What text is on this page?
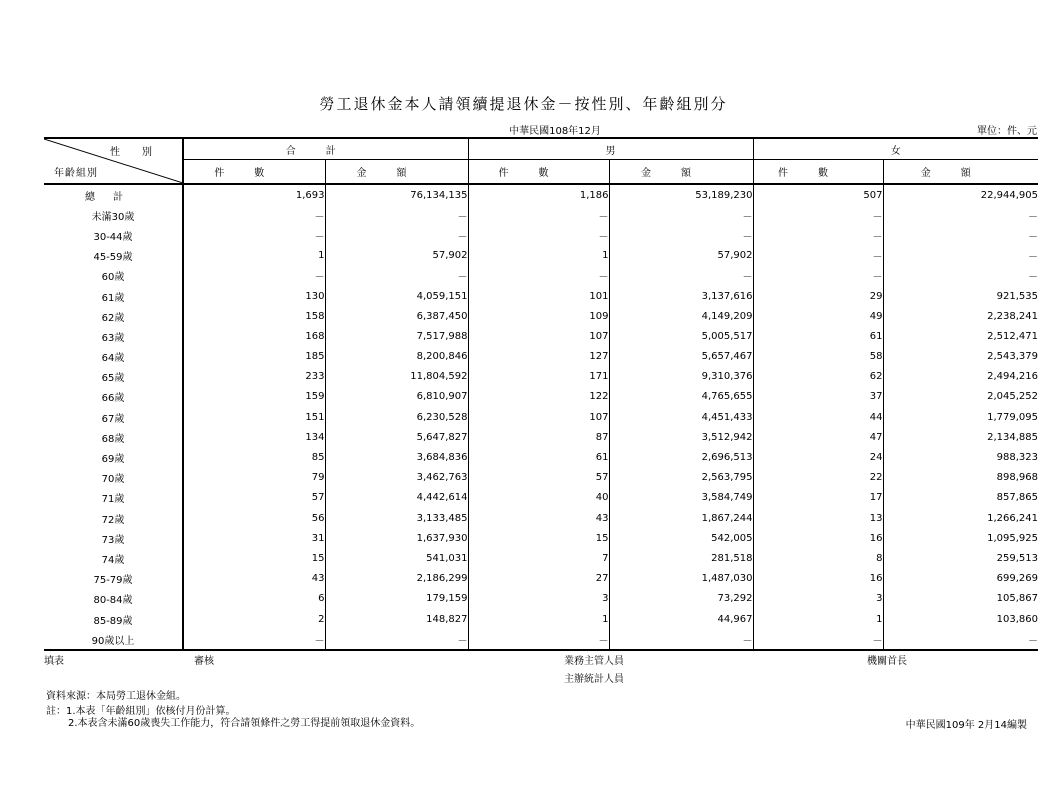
勞工退休金本人請領續提退休金－按性別、年齡組別分
中華民國108年12月	單位：件、元
性別
年齡組別	合計		男		女	
	件數	金額	件數	金額	件數	金額
總計	1,693	76,134,135	1,186	53,189,230	507	22,944,905
未滿30歲	－	－	－	－	－	－
30-44歲	－	－	－	－	－	－
45-59歲	1	57,902	1	57,902	－	－
60歲	－	－	－	－	－	－
61歲	130	4,059,151	101	3,137,616	29	921,535
62歲	158	6,387,450	109	4,149,209	49	2,238,241
63歲	168	7,517,988	107	5,005,517	61	2,512,471
64歲	185	8,200,846	127	5,657,467	58	2,543,379
65歲	233	11,804,592	171	9,310,376	62	2,494,216
66歲	159	6,810,907	122	4,765,655	37	2,045,252
67歲	151	6,230,528	107	4,451,433	44	1,779,095
68歲	134	5,647,827	87	3,512,942	47	2,134,885
69歲	85	3,684,836	61	2,696,513	24	988,323
70歲	79	3,462,763	57	2,563,795	22	898,968
71歲	57	4,442,614	40	3,584,749	17	857,865
72歲	56	3,133,485	43	1,867,244	13	1,266,241
73歲	31	1,637,930	15	542,005	16	1,095,925
74歲	15	541,031	7	281,518	8	259,513
75-79歲	43	2,186,299	27	1,487,030	16	699,269
80-84歲	6	179,159	3	73,292	3	105,867
85-89歲	2	148,827	1	44,967	1	103,860
90歲以上	－	－	－	－	－	－
填表	審核	業務主管人員
主辦統計人員
機關首長
資料來源：本局勞工退休金組。
註：1.本表「年齡組別」依核付月份計算。
2.本表含未滿60歲喪失工作能力，符合請領條件之勞工得提前領取退休金資料。	中華民國109年 2月14編製
